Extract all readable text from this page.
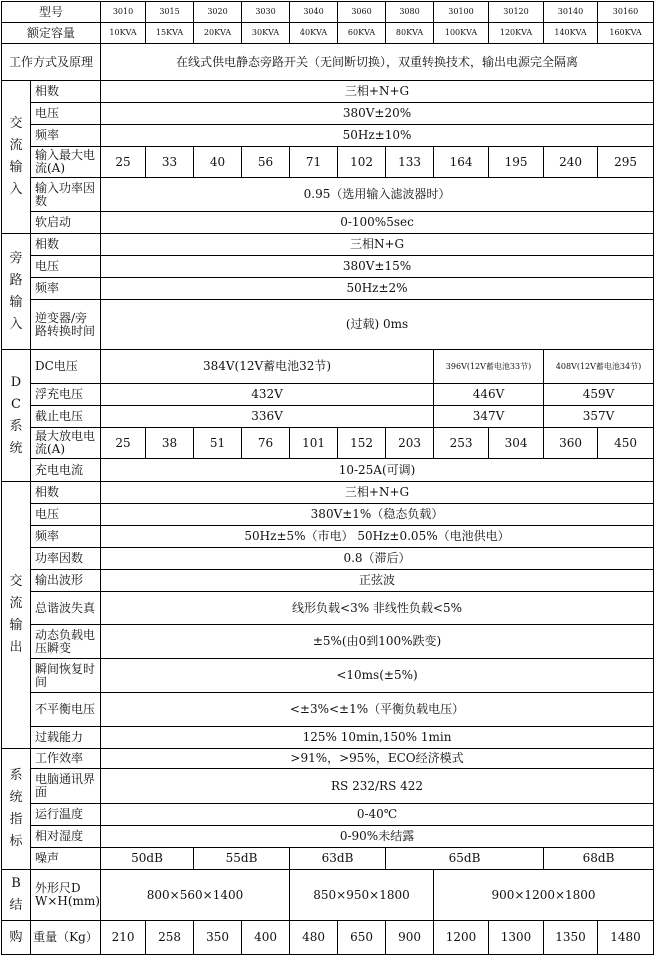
型号		3010	3015	3020	3030	3040	3060	3080	30100	30120	30140	30160
额定容量		10KVA	15KVA	20KVA	30KVA	40KVA	60KVA	80KVA	100KVA	120KVA	140KVA	160KVA
工作方式及原理		在线式供电静态旁路开关（无间断切换），双重转换技术，输出电源完全隔离										
交
流
输
入	相数	三相+N+G										
	电压	380V±20%										
	频率	50Hz±10%										
	输入最大电流(A)	25	33	40	56	71	102	133	164	195	240	295
	输入功率因数	0.95（选用输入滤波器时）										
	软启动	0-100%5sec										
旁
路
输
入	相数	三相N+G										
	电压	380V±15%										
	频率	50Hz±2%										
	逆变器/旁路转换时间	(过载) 0ms										
D
C
系
统	DC电压	384V(12V蓄电池32节)							396V(12V蓄电池33节)		408V(12V蓄电池34节)	
	浮充电压	432V							446V		459V	
	截止电压	336V							347V		357V	
	最大放电电流(A)	25	38	51	76	101	152	203	253	304	360	450
	充电电流	10-25A(可调)										
交
流
输
出	相数	三相+N+G										
	电压	380V±1%（稳态负载）										
	频率	50Hz±5%（市电） 50Hz±0.05%（电池供电）										
	功率因数	0.8（滞后）										
	输出波形	正弦波										
	总谐波失真	线形负载<3% 非线性负载<5%										
	动态负载电压瞬变	±5%(由0到100%跌变)										
	瞬间恢复时间	<10ms(±5%)										
	不平衡电压	<±3%<±1%（平衡负载电压）										
	过载能力	125% 10min,150% 1min										
系
统
指
标	工作效率	>91%，>95%，ECO经济模式										
	电脑通讯界面	RS 232/RS 422										
	运行温度	0-40℃										
	相对湿度	0-90%未结露										
	噪声	50dB		55dB		63dB		65dB			68dB	
B
结	外形尺D W×H(mm)	800×560×1400				850×950×1800			900×1200×1800			
购	重量（Kg）	210	258	350	400	480	650	900	1200	1300	1350	1480
